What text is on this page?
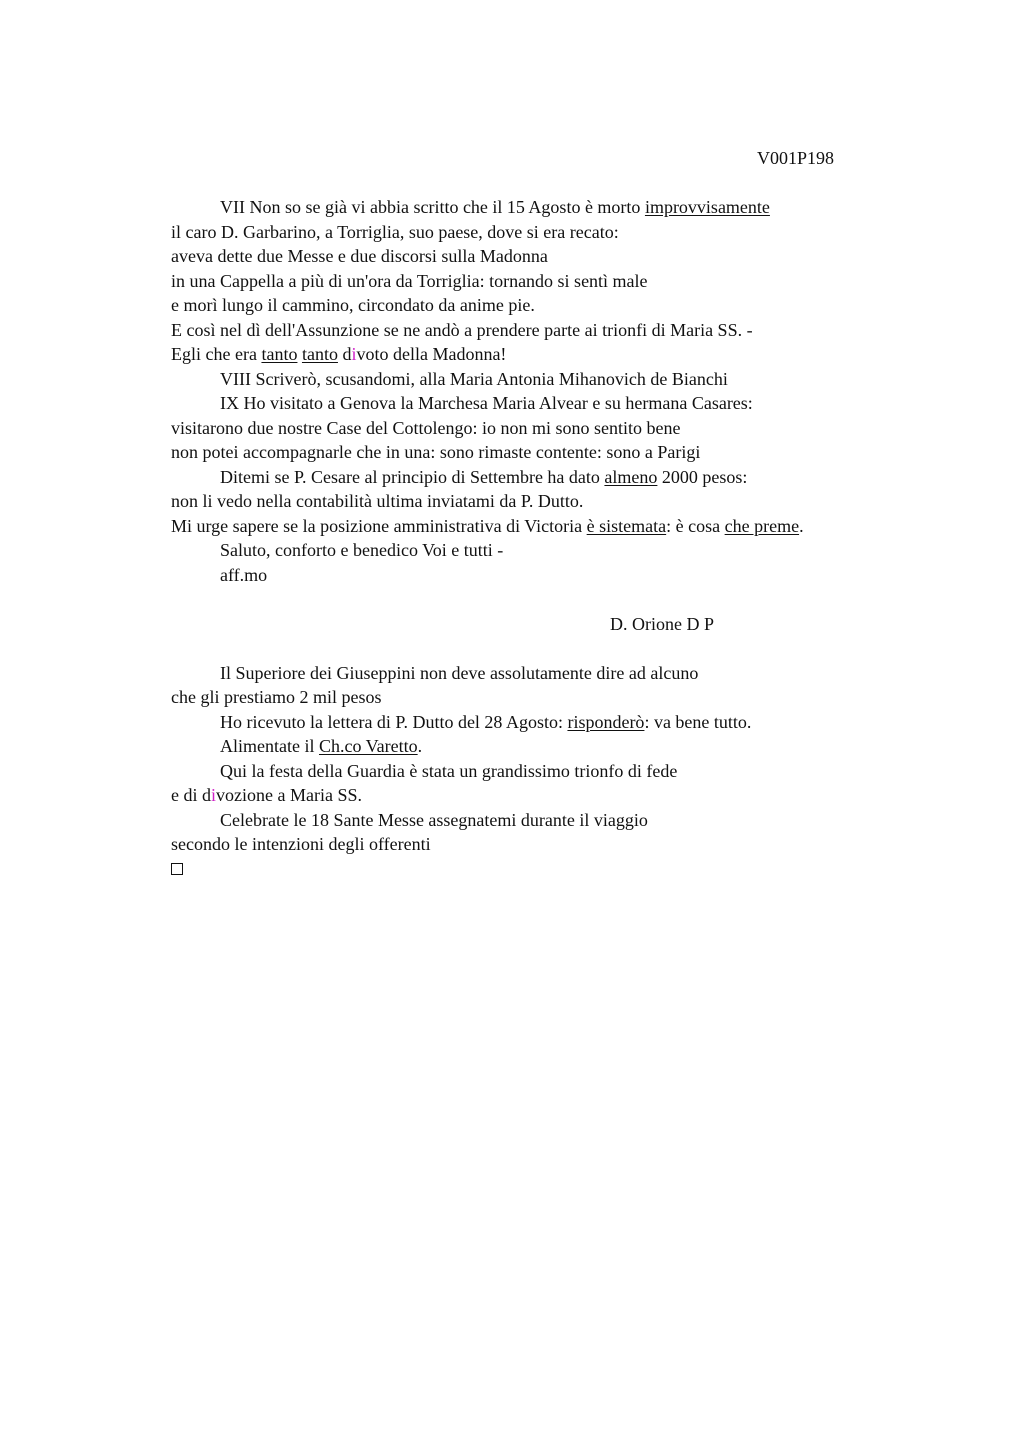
V001P198
VII Non so se già vi abbia scritto che il 15 Agosto è morto improvvisamente
il caro D. Garbarino, a Torriglia, suo paese, dove si era recato:
aveva dette due Messe e due discorsi sulla Madonna
in una Cappella a più di un'ora da Torriglia: tornando si sentì male
e morì lungo il cammino, circondato da anime pie.
E così nel dì dell'Assunzione se ne andò a prendere parte ai trionfi di Maria SS. -
Egli che era tanto tanto divoto della Madonna!
VIII Scriverò, scusandomi, alla Maria Antonia Mihanovich de Bianchi
IX Ho visitato a Genova la Marchesa Maria Alvear e su hermana Casares:
visitarono due nostre Case del Cottolengo: io non mi sono sentito bene
non potei accompagnarle che in una: sono rimaste contente: sono a Parigi
Ditemi se P. Cesare al principio di Settembre ha dato almeno 2000 pesos:
non li vedo nella contabilità ultima inviatami da P. Dutto.
Mi urge sapere se la posizione amministrativa di Victoria è sistemata: è cosa che preme.
Saluto, conforto e benedico Voi e tutti -
aff.mo
D. Orione D P
Il Superiore dei Giuseppini non deve assolutamente dire ad alcuno
che gli prestiamo 2 mil pesos
Ho ricevuto la lettera di P. Dutto del 28 Agosto: risponderò: va bene tutto.
Alimentate il Ch.co Varetto.
Qui la festa della Guardia è stata un grandissimo trionfo di fede
e di divozione a Maria SS.
Celebrate le 18 Sante Messe assegnatemi durante il viaggio
secondo le intenzioni degli offerenti
